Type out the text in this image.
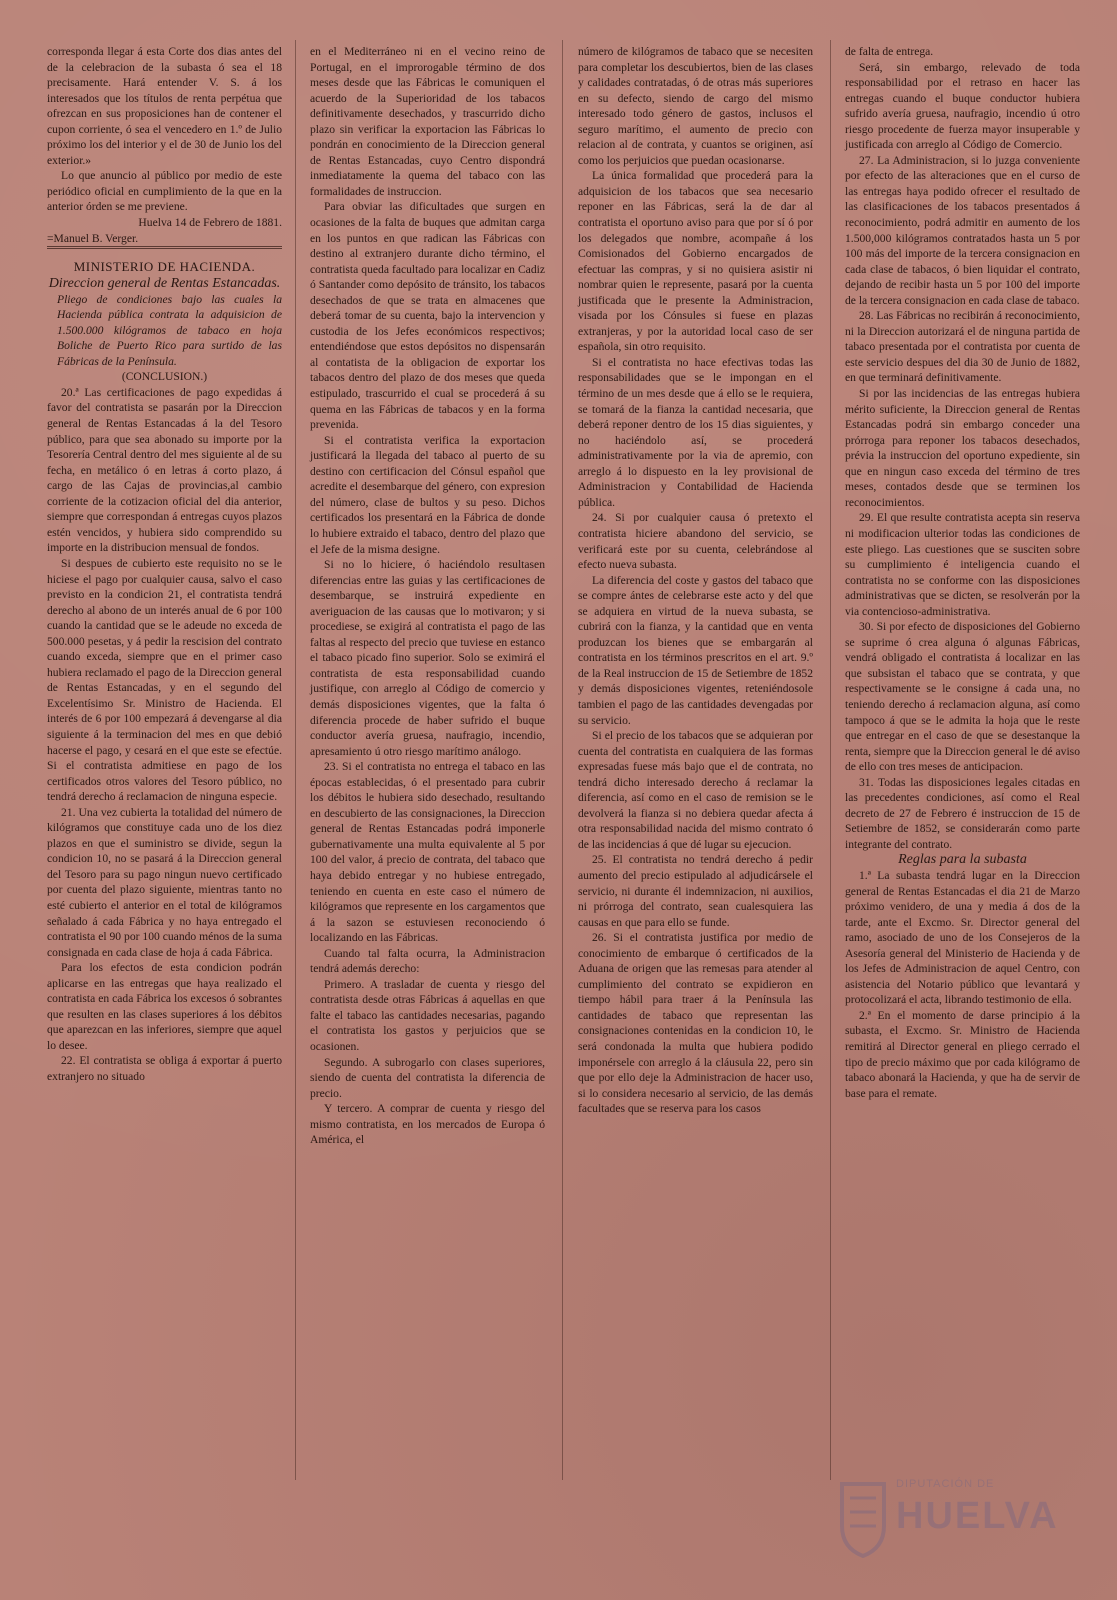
corresponda llegar á esta Corte dos dias antes del de la celebracion de la subasta ó sea el 18 precisamente. Hará entender V. S. á los interesados que los títulos de renta perpétua que ofrezcan en sus proposiciones han de contener el cupon corriente, ó sea el vencedero en 1.º de Julio próximo los del interior y el de 30 de Junio los del exterior.»

Lo que anuncio al público por medio de este periódico oficial en cumplimiento de la que en la anterior órden se me previene.

Huelva 14 de Febrero de 1881.

=Manuel B. Verger.

MINISTERIO DE HACIENDA.

Direccion general de Rentas Estancadas.

Pliego de condiciones bajo las cuales la Hacienda pública contrata la adquisicion de 1.500.000 kilógramos de tabaco en hoja Boliche de Puerto Rico para surtido de las Fábricas de la Península.

(CONCLUSION.)

20.ª Las certificaciones de pago expedidas á favor del contratista se pasarán por la Direccion general de Rentas Estancadas á la del Tesoro público, para que sea abonado su importe por la Tesorería Central dentro del mes siguiente al de su fecha, en metálico ó en letras á corto plazo, á cargo de las Cajas de provincias,al cambio corriente de la cotizacion oficial del dia anterior, siempre que correspondan á entregas cuyos plazos estén vencidos, y hubiera sido comprendido su importe en la distribucion mensual de fondos.

Si despues de cubierto este requisito no se le hiciese el pago por cualquier causa, salvo el caso previsto en la condicion 21, el contratista tendrá derecho al abono de un interés anual de 6 por 100 cuando la cantidad que se le adeude no exceda de 500.000 pesetas, y á pedir la rescision del contrato cuando exceda, siempre que en el primer caso hubiera reclamado el pago de la Direccion general de Rentas Estancadas, y en el segundo del Excelentísimo Sr. Ministro de Hacienda. El interés de 6 por 100 empezará á devengarse al dia siguiente á la terminacion del mes en que debió hacerse el pago, y cesará en el que este se efectúe. Si el contratista admitiese en pago de los certificados otros valores del Tesoro público, no tendrá derecho á reclamacion de ninguna especie.

21. Una vez cubierta la totalidad del número de kilógramos que constituye cada uno de los diez plazos en que el suministro se divide, segun la condicion 10, no se pasará á la Direccion general del Tesoro para su pago ningun nuevo certificado por cuenta del plazo siguiente, mientras tanto no esté cubierto el anterior en el total de kilógramos señalado á cada Fábrica y no haya entregado el contratista el 90 por 100 cuando ménos de la suma consignada en cada clase de hoja á cada Fábrica.

Para los efectos de esta condicion podrán aplicarse en las entregas que haya realizado el contratista en cada Fábrica los excesos ó sobrantes que resulten en las clases superiores á los débitos que aparezcan en las inferiores, siempre que aquel lo desee.

22. El contratista se obliga á exportar á puerto extranjero no situado

en el Mediterráneo ni en el vecino reino de Portugal, en el improrogable término de dos meses desde que las Fábricas le comuniquen el acuerdo de la Superioridad de los tabacos definitivamente desechados, y trascurrido dicho plazo sin verificar la exportacion las Fábricas lo pondrán en conocimiento de la Direccion general de Rentas Estancadas, cuyo Centro dispondrá inmediatamente la quema del tabaco con las formalidades de instruccion.

Para obviar las dificultades que surgen en ocasiones de la falta de buques que admitan carga en los puntos en que radican las Fábricas con destino al extranjero durante dicho término, el contratista queda facultado para localizar en Cadiz ó Santander como depósito de tránsito, los tabacos desechados de que se trata en almacenes que deberá tomar de su cuenta, bajo la intervencion y custodia de los Jefes económicos respectivos; entendiéndose que estos depósitos no dispensarán al contatista de la obligacion de exportar los tabacos dentro del plazo de dos meses que queda estipulado, trascurrido el cual se procederá á su quema en las Fábricas de tabacos y en la forma prevenida.

Si el contratista verifica la exportacion justificará la llegada del tabaco al puerto de su destino con certificacion del Cónsul español que acredite el desembarque del género, con expresion del número, clase de bultos y su peso. Dichos certificados los presentará en la Fábrica de donde lo hubiere extraido el tabaco, dentro del plazo que el Jefe de la misma designe.

Si no lo hiciere, ó haciéndolo resultasen diferencias entre las guias y las certificaciones de desembarque, se instruirá expediente en averiguacion de las causas que lo motivaron; y si procediese, se exigirá al contratista el pago de las faltas al respecto del precio que tuviese en estanco el tabaco picado fino superior. Solo se eximirá el contratista de esta responsabilidad cuando justifique, con arreglo al Código de comercio y demás disposiciones vigentes, que la falta ó diferencia procede de haber sufrido el buque conductor avería gruesa, naufragio, incendio, apresamiento ú otro riesgo marítimo análogo.

23. Si el contratista no entrega el tabaco en las épocas establecidas, ó el presentado para cubrir los débitos le hubiera sido desechado, resultando en descubierto de las consignaciones, la Direccion general de Rentas Estancadas podrá imponerle gubernativamente una multa equivalente al 5 por 100 del valor, á precio de contrata, del tabaco que haya debido entregar y no hubiese entregado, teniendo en cuenta en este caso el número de kilógramos que represente en los cargamentos que á la sazon se estuviesen reconociendo ó localizando en las Fábricas.

Cuando tal falta ocurra, la Administracion tendrá además derecho:

Primero. A trasladar de cuenta y riesgo del contratista desde otras Fábricas á aquellas en que falte el tabaco las cantidades necesarias, pagando el contratista los gastos y perjuicios que se ocasionen.

Segundo. A subrogarlo con clases superiores, siendo de cuenta del contratista la diferencia de precio.

Y tercero. A comprar de cuenta y riesgo del mismo contratista, en los mercados de Europa ó América, el

número de kilógramos de tabaco que se necesiten para completar los descubiertos, bien de las clases y calidades contratadas, ó de otras más superiores en su defecto, siendo de cargo del mismo interesado todo género de gastos, inclusos el seguro marítimo, el aumento de precio con relacion al de contrata, y cuantos se originen, así como los perjuicios que puedan ocasionarse.

La única formalidad que procederá para la adquisicion de los tabacos que sea necesario reponer en las Fábricas, será la de dar al contratista el oportuno aviso para que por sí ó por los delegados que nombre, acompañe á los Comisionados del Gobierno encargados de efectuar las compras, y si no quisiera asistir ni nombrar quien le represente, pasará por la cuenta justificada que le presente la Administracion, visada por los Cónsules si fuese en plazas extranjeras, y por la autoridad local caso de ser española, sin otro requisito.

Si el contratista no hace efectivas todas las responsabilidades que se le impongan en el término de un mes desde que á ello se le requiera, se tomará de la fianza la cantidad necesaria, que deberá reponer dentro de los 15 dias siguientes, y no haciéndolo así, se procederá administrativamente por la via de apremio, con arreglo á lo dispuesto en la ley provisional de Administracion y Contabilidad de Hacienda pública.

24. Si por cualquier causa ó pretexto el contratista hiciere abandono del servicio, se verificará este por su cuenta, celebrándose al efecto nueva subasta.

La diferencia del coste y gastos del tabaco que se compre ántes de celebrarse este acto y del que se adquiera en virtud de la nueva subasta, se cubrirá con la fianza, y la cantidad que en venta produzcan los bienes que se embargarán al contratista en los términos prescritos en el art. 9.º de la Real instruccion de 15 de Setiembre de 1852 y demás disposiciones vigentes, reteniéndosole tambien el pago de las cantidades devengadas por su servicio.

Si el precio de los tabacos que se adquieran por cuenta del contratista en cualquiera de las formas expresadas fuese más bajo que el de contrata, no tendrá dicho interesado derecho á reclamar la diferencia, así como en el caso de remision se le devolverá la fianza si no debiera quedar afecta á otra responsabilidad nacida del mismo contrato ó de las incidencias á que dé lugar su ejecucion.

25. El contratista no tendrá derecho á pedir aumento del precio estipulado al adjudicársele el servicio, ni durante él indemnizacion, ni auxilios, ni prórroga del contrato, sean cualesquiera las causas en que para ello se funde.

26. Si el contratista justifica por medio de conocimiento de embarque ó certificados de la Aduana de origen que las remesas para atender al cumplimiento del contrato se expidieron en tiempo hábil para traer á la Península las cantidades de tabaco que representan las consignaciones contenidas en la condicion 10, le será condonada la multa que hubiera podido imponérsele con arreglo á la cláusula 22, pero sin que por ello deje la Administracion de hacer uso, si lo considera necesario al servicio, de las demás facultades que se reserva para los casos

de falta de entrega.

Será, sin embargo, relevado de toda responsabilidad por el retraso en hacer las entregas cuando el buque conductor hubiera sufrido avería gruesa, naufragio, incendio ú otro riesgo procedente de fuerza mayor insuperable y justificada con arreglo al Código de Comercio.

27. La Administracion, si lo juzga conveniente por efecto de las alteraciones que en el curso de las entregas haya podido ofrecer el resultado de las clasificaciones de los tabacos presentados á reconocimiento, podrá admitir en aumento de los 1.500,000 kilógramos contratados hasta un 5 por 100 más del importe de la tercera consignacion en cada clase de tabacos, ó bien liquidar el contrato, dejando de recibir hasta un 5 por 100 del importe de la tercera consignacion en cada clase de tabaco.

28. Las Fábricas no recibirán á reconocimiento, ni la Direccion autorizará el de ninguna partida de tabaco presentada por el contratista por cuenta de este servicio despues del dia 30 de Junio de 1882, en que terminará definitivamente.

Si por las incidencias de las entregas hubiera mérito suficiente, la Direccion general de Rentas Estancadas podrá sin embargo conceder una prórroga para reponer los tabacos desechados, prévia la instruccion del oportuno expediente, sin que en ningun caso exceda del término de tres meses, contados desde que se terminen los reconocimientos.

29. El que resulte contratista acepta sin reserva ni modificacion ulterior todas las condiciones de este pliego. Las cuestiones que se susciten sobre su cumplimiento é inteligencia cuando el contratista no se conforme con las disposiciones administrativas que se dicten, se resolverán por la via contencioso-administrativa.

30. Si por efecto de disposiciones del Gobierno se suprime ó crea alguna ó algunas Fábricas, vendrá obligado el contratista á localizar en las que subsistan el tabaco que se contrata, y que respectivamente se le consigne á cada una, no teniendo derecho á reclamacion alguna, así como tampoco á que se le admita la hoja que le reste que entregar en el caso de que se desestanque la renta, siempre que la Direccion general le dé aviso de ello con tres meses de anticipacion.

31. Todas las disposiciones legales citadas en las precedentes condiciones, así como el Real decreto de 27 de Febrero é instruccion de 15 de Setiembre de 1852, se considerarán como parte integrante del contrato.

Reglas para la subasta

1.ª La subasta tendrá lugar en la Direccion general de Rentas Estancadas el dia 21 de Marzo próximo venidero, de una y media á dos de la tarde, ante el Excmo. Sr. Director general del ramo, asociado de uno de los Consejeros de la Asesoría general del Ministerio de Hacienda y de los Jefes de Administracion de aquel Centro, con asistencia del Notario público que levantará y protocolizará el acta, librando testimonio de ella.

2.ª En el momento de darse principio á la subasta, el Excmo. Sr. Ministro de Hacienda remitirá al Director general en pliego cerrado el tipo de precio máximo que por cada kilógramo de tabaco abonará la Hacienda, y que ha de servir de base para el remate.

DIPUTACIÓN DE
HUELVA
